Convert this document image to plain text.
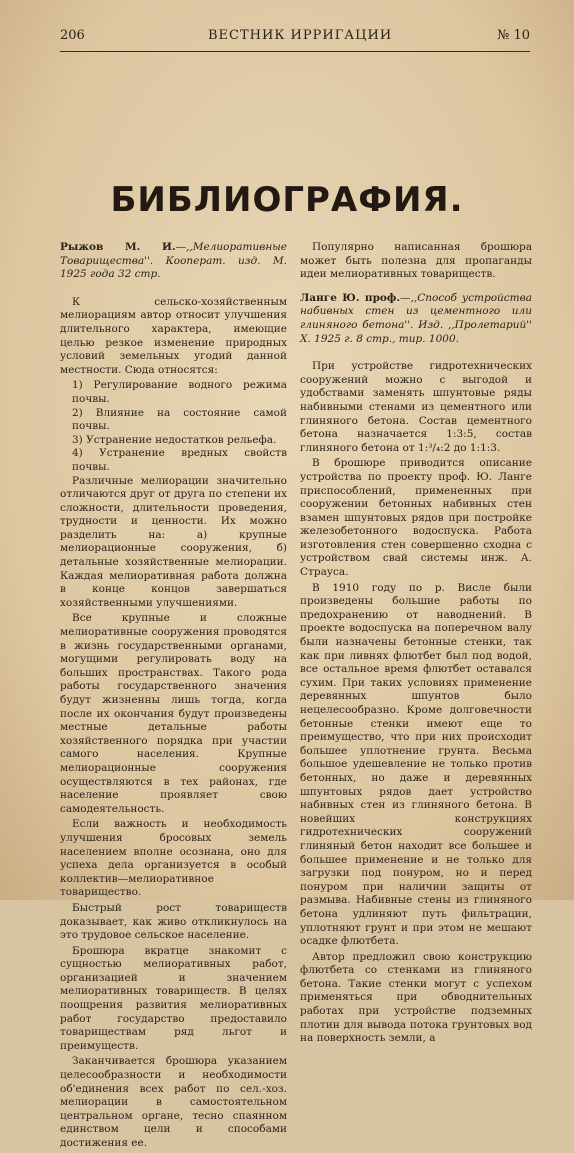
206	ВЕСТНИК ИРРИГАЦИИ	№ 10
БИБЛИОГРАФИЯ.

Рыжов М. И.—,,Мелиоративные Товарищества''. Кооперат. изд. М. 1925 года 32 стр.

К сельско-хозяйственным мелиорациям автор относит улучшения длительного характера, имеющие целью резкое изменение природных условий земельных угодий данной местности. Сюда относятся:

1) Регулирование водного режима почвы.

2) Влияние на состояние самой почвы.

3) Устранение недостатков рельефа.

4) Устранение вредных свойств почвы.

Различные мелиорации значительно отличаются друг от друга по степени их сложности, длительности проведения, трудности и ценности. Их можно разделить на: а) крупные мелиорационные сооружения, б) детальные хозяйственные мелиорации. Каждая мелиоративная работа должна в конце концов завершаться хозяйственными улучшениями.

Все крупные и сложные мелиоративные сооружения проводятся в жизнь государственными органами, могущими регулировать воду на больших пространствах. Такого рода работы государственного значения будут жизненны лишь тогда, когда после их окончания будут произведены местные детальные работы хозяйственного порядка при участии самого населения. Крупные мелиорационные сооружения осуществляются в тех районах, где население проявляет свою самодеятельность.

Если важность и необходимость улучшения бросовых земель населением вполне осознана, оно для успеха дела организуется в особый коллектив—мелиоративное товарищество.

Быстрый рост товариществ доказывает, как живо откликнулось на это трудовое сельское население.

Брошюра вкратце знакомит с сущностью мелиоративных работ, организацией и значением мелиоративных товариществ. В целях поощрения развития мелиоративных работ государство предоставило товариществам ряд льгот и преимуществ.

Заканчивается брошюра указанием целесообразности и необходимости об'единения всех работ по сел.-хоз. мелиорации в самостоятельном центральном органе, тесно спаянном единством цели и способами достижения ее.

Популярно написанная брошюра может быть полезна для пропаганды идеи мелиоративных товариществ.

Ланге Ю. проф.—,,Способ устройства набивных стен из цементного или глиняного бетона''. Изд. ,,Пролетарий'' Х. 1925 г. 8 стр., тир. 1000.

При устройстве гидротехнических сооружений можно с выгодой и удобствами заменять шпунтовые ряды набивными стенами из цементного или глиняного бетона. Состав цементного бетона назначается 1:3:5, состав глиняного бетона от 1:³/₄:2 до 1:1:3.

В брошюре приводится описание устройства по проекту проф. Ю. Ланге приспособлений, примененных при сооружении бетонных набивных стен взамен шпунтовых рядов при постройке железобетонного водоспуска. Работа изготовления стен совершенно сходна с устройством свай системы инж. А. Страуса.

В 1910 году по р. Висле были произведены большие работы по предохранению от наводнений. В проекте водоспуска на поперечном валу были назначены бетонные стенки, так как при ливнях флютбет был под водой, все остальное время флютбет оставался сухим. При таких условиях применение деревянных шпунтов было нецелесообразно. Кроме долговечности бетонные стенки имеют еще то преимущество, что при них происходит большее уплотнение грунта. Весьма большое удешевление не только против бетонных, но даже и деревянных шпунтовых рядов дает устройство набивных стен из глиняного бетона. В новейших конструкциях гидротехнических сооружений глиняный бетон находит все большее и большее применение и не только для загрузки под понуром, но и перед понуром при наличии защиты от размыва. Набивные стены из глиняного бетона удлиняют путь фильтрации, уплотняют грунт и при этом не мешают осадке флютбета.

Автор предложил свою конструкцию флютбета со стенками из глиняного бетона. Такие стенки могут с успехом применяться при обводнительных работах при устройстве подземных плотин для вывода потока грунтовых вод на поверхность земли, а
